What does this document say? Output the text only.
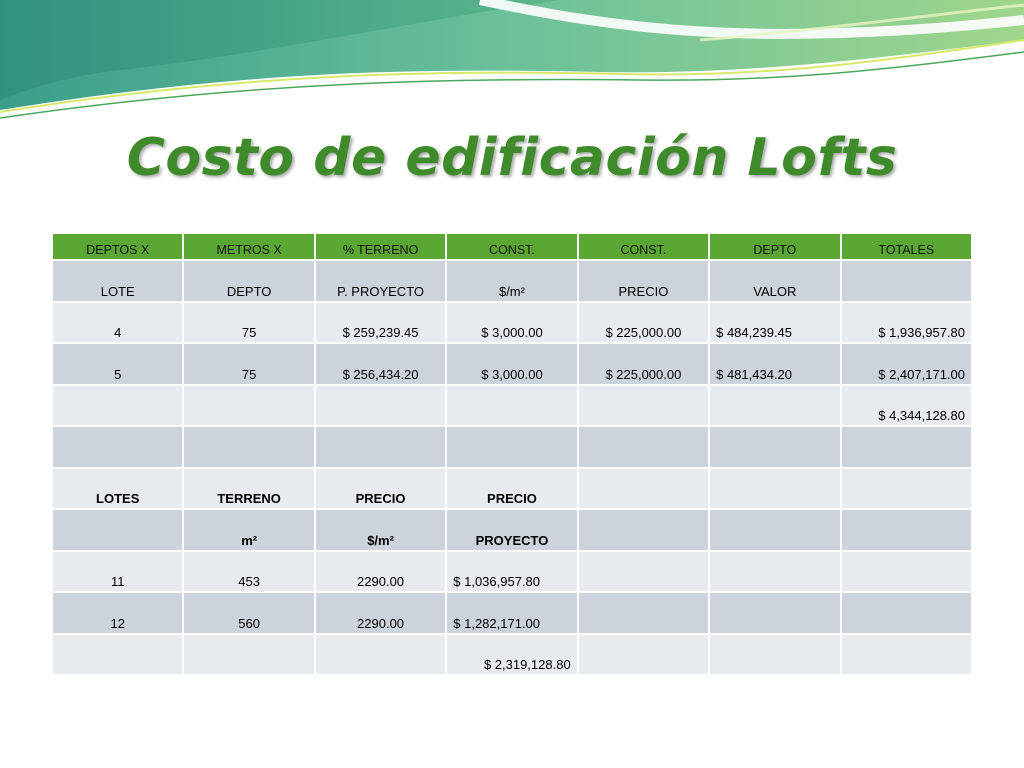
Costo de edificación Lofts
DEPTOS X	METROS X	% TERRENO	CONST.	CONST.	DEPTO	TOTALES
LOTE	DEPTO	P. PROYECTO	$/m²	PRECIO	VALOR	
4	75	$ 259,239.45	$ 3,000.00	$ 225,000.00	$ 484,239.45	$ 1,936,957.80
5	75	$ 256,434.20	$ 3,000.00	$ 225,000.00	$ 481,434.20	$ 2,407,171.00
						$ 4,344,128.80

LOTES	TERRENO	PRECIO	PRECIO			
	m²	$/m²	PROYECTO			
11	453	2290.00	$ 1,036,957.80			
12	560	2290.00	$ 1,282,171.00			
			$ 2,319,128.80			
